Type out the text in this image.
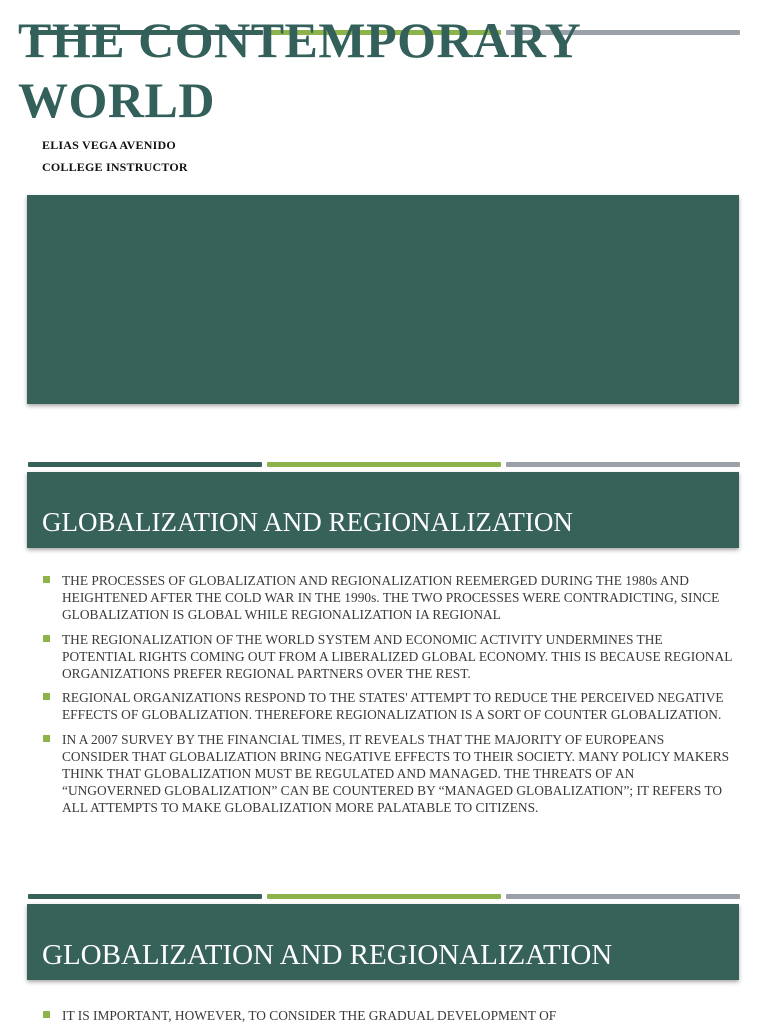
THE CONTEMPORARY WORLD
ELIAS VEGA AVENIDO
COLLEGE INSTRUCTOR
GLOBALIZATION AND REGIONALIZATION
THE PROCESSES OF GLOBALIZATION AND REGIONALIZATION REEMERGED DURING THE 1980s AND HEIGHTENED AFTER THE COLD WAR IN THE 1990s. THE TWO PROCESSES WERE CONTRADICTING, SINCE GLOBALIZATION IS GLOBAL WHILE REGIONALIZATION IA REGIONAL
THE REGIONALIZATION OF THE WORLD SYSTEM AND ECONOMIC ACTIVITY UNDERMINES THE POTENTIAL RIGHTS COMING OUT FROM A LIBERALIZED GLOBAL ECONOMY. THIS IS BECAUSE REGIONAL ORGANIZATIONS PREFER REGIONAL PARTNERS OVER THE REST.
REGIONAL ORGANIZATIONS RESPOND TO THE STATES' ATTEMPT TO REDUCE THE PERCEIVED NEGATIVE EFFECTS OF GLOBALIZATION. THEREFORE REGIONALIZATION IS A SORT OF COUNTER GLOBALIZATION.
IN A 2007 SURVEY BY THE FINANCIAL TIMES, IT REVEALS THAT THE MAJORITY OF EUROPEANS CONSIDER THAT GLOBALIZATION BRING NEGATIVE EFFECTS TO THEIR SOCIETY. MANY POLICY MAKERS THINK THAT GLOBALIZATION MUST BE REGULATED AND MANAGED. THE THREATS OF AN “UNGOVERNED GLOBALIZATION” CAN BE COUNTERED BY “MANAGED GLOBALIZATION”; IT REFERS TO ALL ATTEMPTS TO MAKE GLOBALIZATION MORE PALATABLE TO CITIZENS.
GLOBALIZATION AND REGIONALIZATION
IT IS IMPORTANT, HOWEVER, TO CONSIDER THE GRADUAL DEVELOPMENT OF
